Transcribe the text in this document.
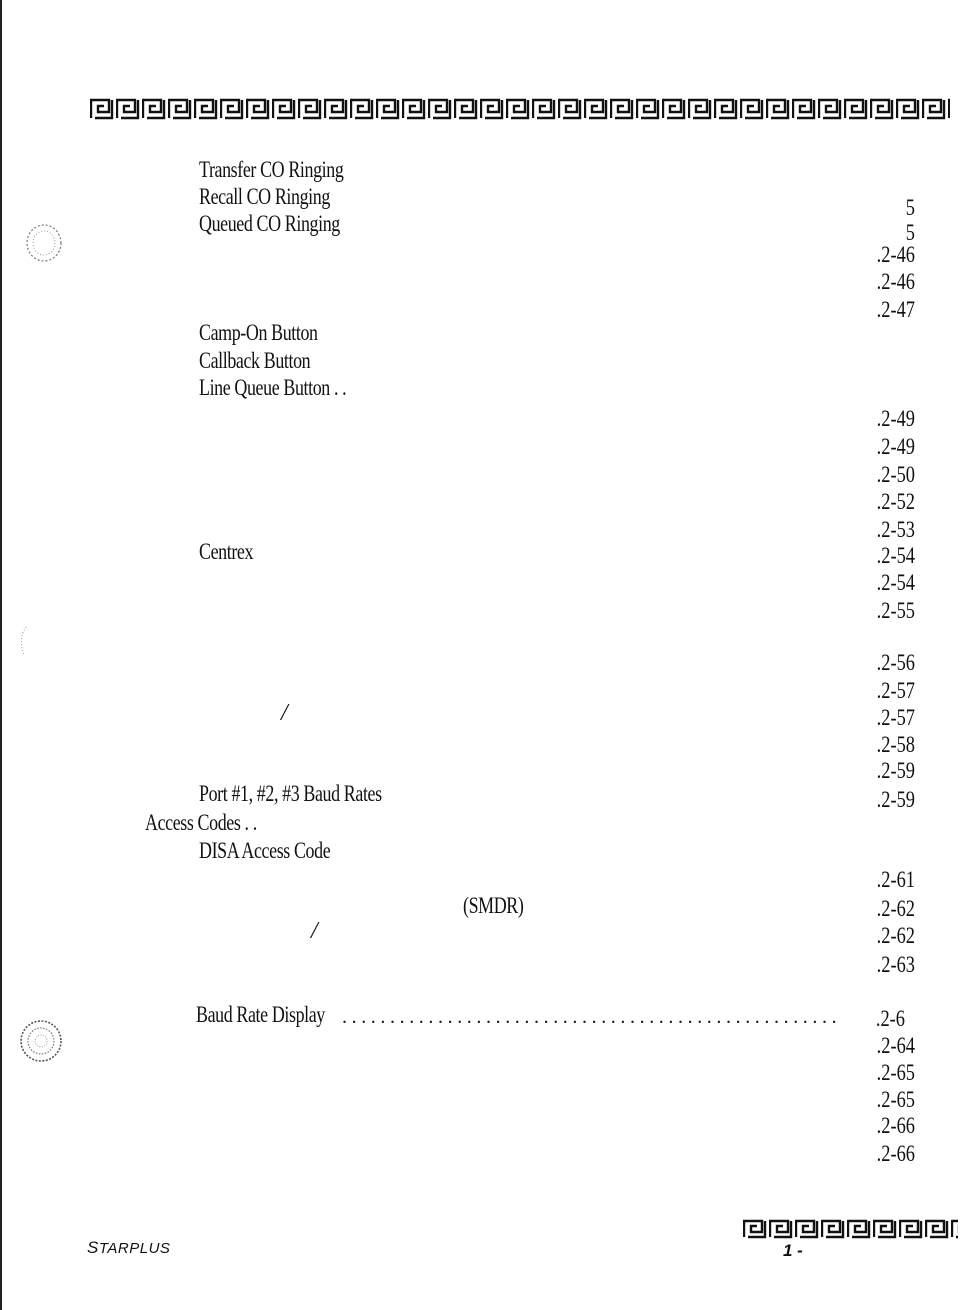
Transfer CO Ringing
Recall CO Ringing
Queued CO Ringing
Camp-On Button
Callback Button
Line Queue Button . .
Centrex
Port #1, #2, #3 Baud Rates
Access Codes . .
DISA Access Code
(SMDR)
Baud Rate Display
/
/
....................................................
5
5
.2-46
.2-46
.2-47
.2-49
.2-49
.2-50
.2-52
.2-53
.2-54
.2-54
.2-55
.2-56
.2-57
.2-57
.2-58
.2-59
.2-59
.2-61
.2-62
.2-62
.2-63
.2-6
.2-64
.2-65
.2-65
.2-66
.2-66
STARPLUS	1 -
